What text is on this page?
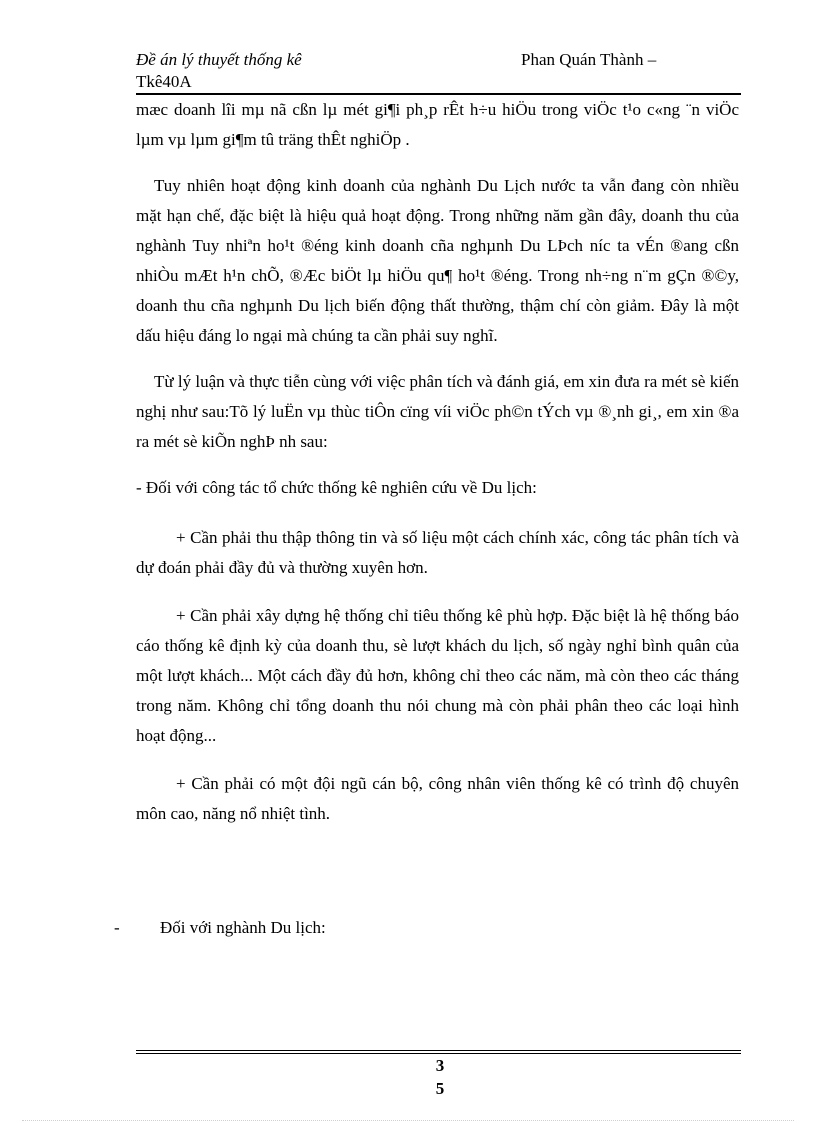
Đề án lý thuyết thống kê	Phan Quán Thành –
Tkê40A

mæc doanh lîi mµ nã cßn lµ mét gi¶i ph¸p rÊt h÷u hiÖu trong viÖc t¹o c«ng ¨n viÖc lµm vµ lµm gi¶m tû träng thÊt nghiÖp .

Tuy nhiên hoạt động kinh doanh của nghành Du Lịch nước ta vẫn đang còn nhiều mặt hạn chế, đặc biệt là hiệu quả hoạt động. Trong những năm gần đây, doanh thu của nghành Tuy nhiªn ho¹t ®éng kinh doanh cña nghµnh Du LÞch níc ta vÉn ®ang cßn nhiÒu mÆt h¹n chÕ, ®Æc biÖt lµ hiÖu qu¶ ho¹t ®éng. Trong nh÷ng n¨m gÇn ®©y, doanh thu cña nghµnh Du lịch biến động thất thường, thậm chí còn giảm. Đây là một dấu hiệu đáng lo ngại mà chúng ta cần phải suy nghĩ.

Từ lý luận và thực tiễn cùng với việc phân tích và đánh giá, em xin đưa ra mét sè kiến nghị như sau:Tõ lý luËn vµ thùc tiÔn cïng víi viÖc ph©n tÝch vµ ®¸nh gi¸, em xin ®a ra mét sè kiÕn nghÞ nh sau:

- Đối với công tác tổ chức thống kê nghiên cứu về Du lịch:

+ Cần phải thu thập thông tin và số liệu một cách chính xác, công tác phân tích và dự đoán phải đầy đủ và thường xuyên hơn.

+ Cần phải xây dựng hệ thống chỉ tiêu thống kê phù hợp. Đặc biệt là hệ thống báo cáo thống kê định kỳ của doanh thu, sè lượt khách du lịch, số ngày nghỉ bình quân của một lượt khách... Một cách đầy đủ hơn, không chỉ theo các năm, mà còn theo các tháng trong năm. Không chỉ tổng doanh thu nói chung mà còn phải phân theo các loại hình hoạt động...

+ Cần phải có một đội ngũ cán bộ, công nhân viên thống kê có trình độ chuyên môn cao, năng nổ nhiệt tình.

- Đối với nghành Du lịch:
3
5
